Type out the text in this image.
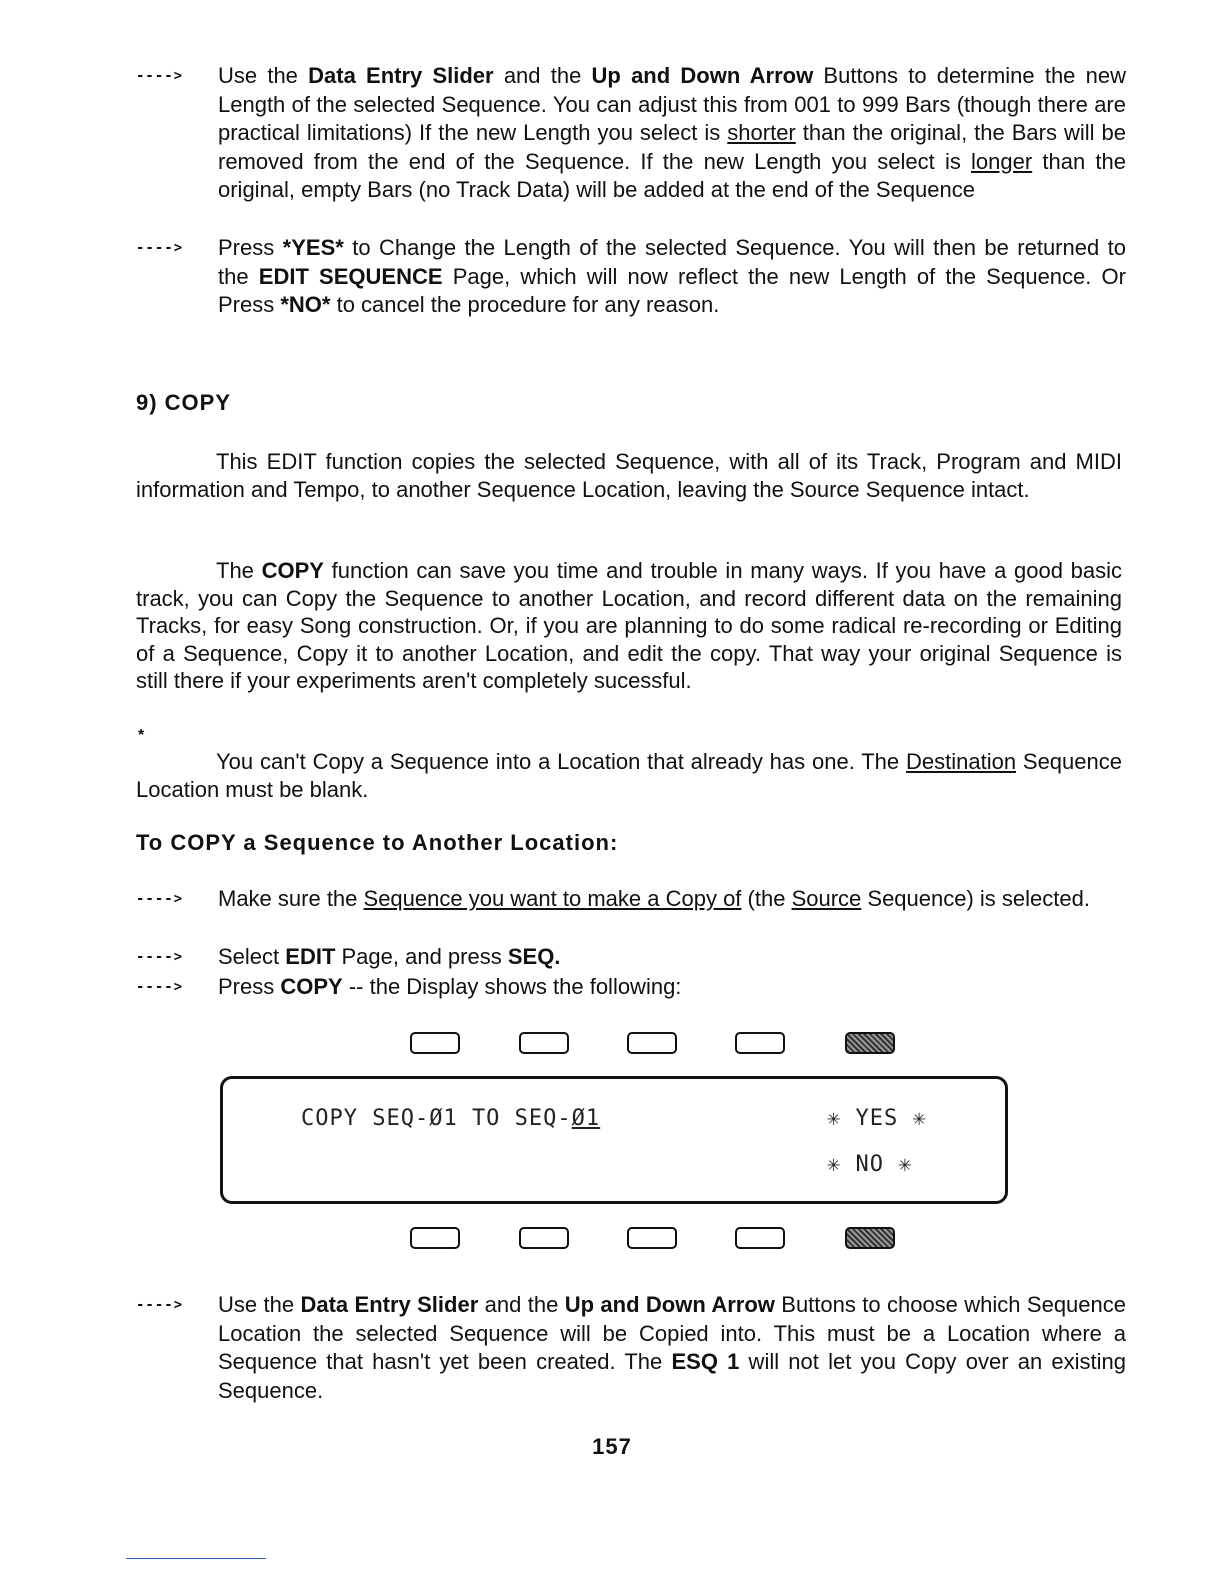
----> Use the Data Entry Slider and the Up and Down Arrow Buttons to determine the new Length of the selected Sequence. You can adjust this from 001 to 999 Bars (though there are practical limitations) If the new Length you select is shorter than the original, the Bars will be removed from the end of the Sequence. If the new Length you select is longer than the original, empty Bars (no Track Data) will be added at the end of the Sequence
----> Press *YES* to Change the Length of the selected Sequence. You will then be returned to the EDIT SEQUENCE Page, which will now reflect the new Length of the Sequence. Or Press *NO* to cancel the procedure for any reason.
9) COPY
This EDIT function copies the selected Sequence, with all of its Track, Program and MIDI information and Tempo, to another Sequence Location, leaving the Source Sequence intact.
The COPY function can save you time and trouble in many ways. If you have a good basic track, you can Copy the Sequence to another Location, and record different data on the remaining Tracks, for easy Song construction. Or, if you are planning to do some radical re-recording or Editing of a Sequence, Copy it to another Location, and edit the copy. That way your original Sequence is still there if your experiments aren't completely sucessful.
*
You can't Copy a Sequence into a Location that already has one. The Destination Sequence Location must be blank.
To COPY a Sequence to Another Location:
----> Make sure the Sequence you want to make a Copy of (the Source Sequence) is selected.
----> Select EDIT Page, and press SEQ.
----> Press COPY -- the Display shows the following:
COPY SEQ-Ø1 TO SEQ-Ø1	✳ YES ✳
✳ NO ✳
----> Use the Data Entry Slider and the Up and Down Arrow Buttons to choose which Sequence Location the selected Sequence will be Copied into. This must be a Location where a Sequence that hasn't yet been created. The ESQ 1 will not let you Copy over an existing Sequence.
157
